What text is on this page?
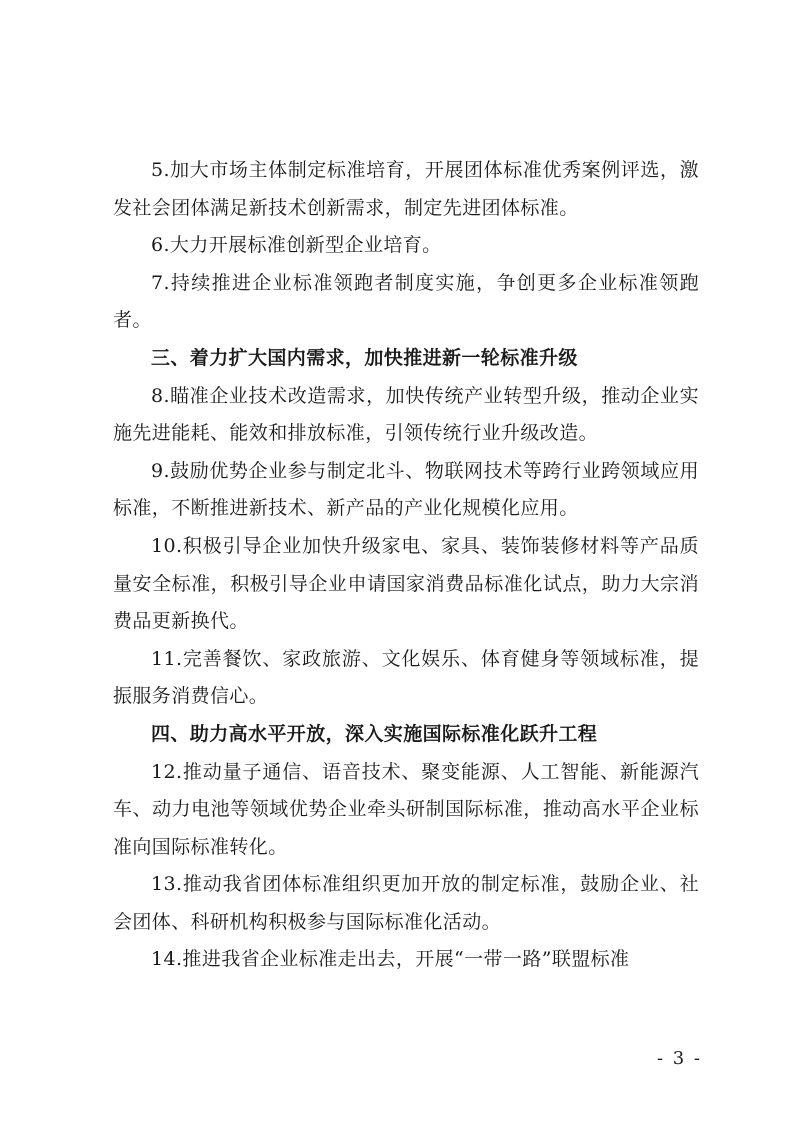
5.加大市场主体制定标准培育，开展团体标准优秀案例评选，激发社会团体满足新技术创新需求，制定先进团体标准。

6.大力开展标准创新型企业培育。

7.持续推进企业标准领跑者制度实施，争创更多企业标准领跑者。

三、着力扩大国内需求，加快推进新一轮标准升级

8.瞄准企业技术改造需求，加快传统产业转型升级，推动企业实施先进能耗、能效和排放标准，引领传统行业升级改造。

9.鼓励优势企业参与制定北斗、物联网技术等跨行业跨领域应用标准，不断推进新技术、新产品的产业化规模化应用。

10.积极引导企业加快升级家电、家具、装饰装修材料等产品质量安全标准，积极引导企业申请国家消费品标准化试点，助力大宗消费品更新换代。

11.完善餐饮、家政旅游、文化娱乐、体育健身等领域标准，提振服务消费信心。

四、助力高水平开放，深入实施国际标准化跃升工程

12.推动量子通信、语音技术、聚变能源、人工智能、新能源汽车、动力电池等领域优势企业牵头研制国际标准，推动高水平企业标准向国际标准转化。

13.推动我省团体标准组织更加开放的制定标准，鼓励企业、社会团体、科研机构积极参与国际标准化活动。

14.推进我省企业标准走出去，开展“一带一路”联盟标准

- 3 -
